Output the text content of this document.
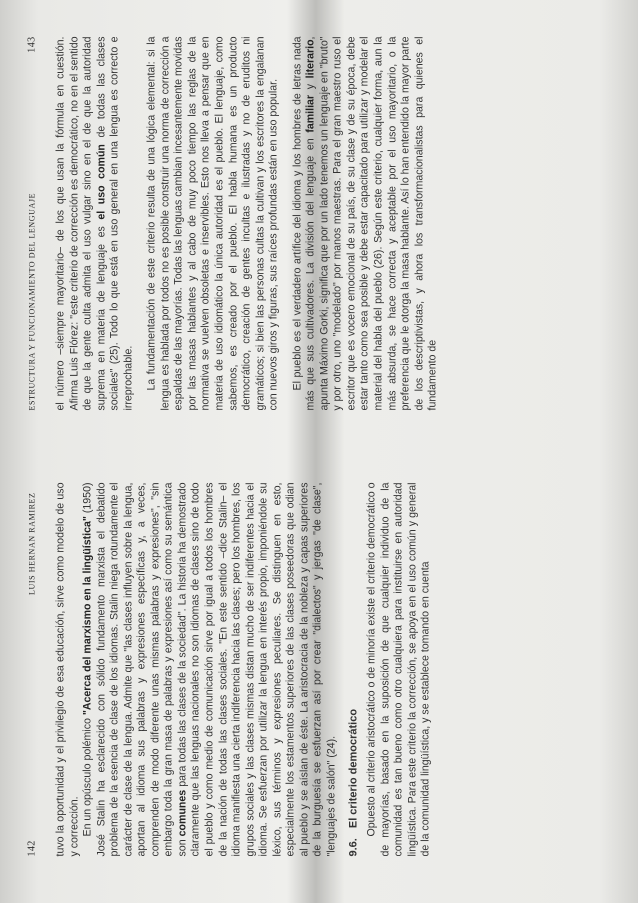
142
LUIS HERNAN RAMIREZ tuvo la oportunidad y el privilegio de esa educación, sirve como modelo de uso y corrección. En un opúsculo polémico "Acerca del marxismo en la lingüística" (1950) José Stalin ha esclarecido con sólido fundamento marxista el debatido problema de la esencia de clase de los idiomas. Stalin niega rotundamente el carácter de clase de la lengua. Admite que "las clases influyen sobre la lengua, aportan al idioma sus palabras y expresiones específicas y, a veces, comprenden de modo diferente unas mismas palabras y expresiones", "sin embargo toda la gran masa de palabras y expresiones así como su semántica son comunes para todas las clases de la sociedad". La historia ha demostrado claramente que las lenguas nacionales no son idiomas de clases sino de todo el pueblo y como medio de comunicación sirve por igual a todos los hombres de la nación de todas las clases sociales. "En este sentido –dice Stalin– el idioma manifiesta una cierta indiferencia hacia las clases; pero los hombres, los grupos sociales y las clases mismas distan mucho de ser indiferentes hacia el idioma. Se esfuerzan por utilizar la lengua en interés propio, imponiéndole su léxico, sus términos y expresiones peculiares. Se distinguen en esto, especialmente los estamentos superiores de las clases poseedoras que odian al pueblo y se aíslan de éste. La aristocracia de la nobleza y capas superiores de la burguesía se esfuerzan así por crear "dialectos" y jergas "de clase", "lenguajes de salón" (24). 9.6.El criterio democrático Opuesto al criterio aristocrático o de minoría existe el criterio democrático o de mayorías, basado en la suposición de que cualquier individuo de la comunidad es tan bueno como otro cualquiera para instituirse en autoridad lingüística. Para este criterio la corrección, se apoya en el uso común y general de la comunidad lingüística, y se establece tomando en cuenta

ESTRUCTURA Y FUNCIONAMIENTO DEL LENGUAJE
143 el número –siempre mayoritario– de los que usan la fórmula en cuestión. Afirma Luis Flórez: "este criterio de corrección es democrático, no en el sentido de que la gente culta admita el uso vulgar sino en el de que la autoridad suprema en materia de lenguaje es el uso común de todas las clases sociales" (25). Todo lo que está en uso general en una lengua es correcto e irreprochable. La fundamentación de este criterio resulta de una lógica elemental: si la lengua es hablada por todos no es posible construir una norma de corrección a espaldas de las mayorías. Todas las lenguas cambian incesantemente movidas por las masas hablantes y al cabo de muy poco tiempo las reglas de la normativa se vuelven obsoletas e inservibles. Esto nos lleva a pensar que en materia de uso idiomático la única autoridad es el pueblo. El lenguaje, como sabemos, es creado por el pueblo. El habla humana es un producto democrático, creación de gentes incultas e ilustradas y no de eruditos ni gramáticos; si bien las personas cultas la cultivan y los escritores la engalanan con nuevos giros y figuras, sus raíces profundas están en uso popular. El pueblo es el verdadero artífice del idioma y los hombres de letras nada más que sus cultivadores. La división del lenguaje en familiar y literario, apunta Máximo Gorki, significa que por un lado tenemos un lenguaje en "bruto" y por otro, uno "modelado" por manos maestras. Para el gran maestro ruso el escritor que es vocero emocional de su país, de su clase y de su época, debe estar tanto como sea posible y debe estar capacitado para utilizar y modelar el material del habla del pueblo (26). Según este criterio, cualquier forma, aun la más absurda, se hace correcta y aceptable por el uso mayoritario, o la preferencia que le otorga la masa hablante. Así lo han entendido la mayor parte de los descriptivistas, y ahora los transformacionalistas para quienes el fundamento de
